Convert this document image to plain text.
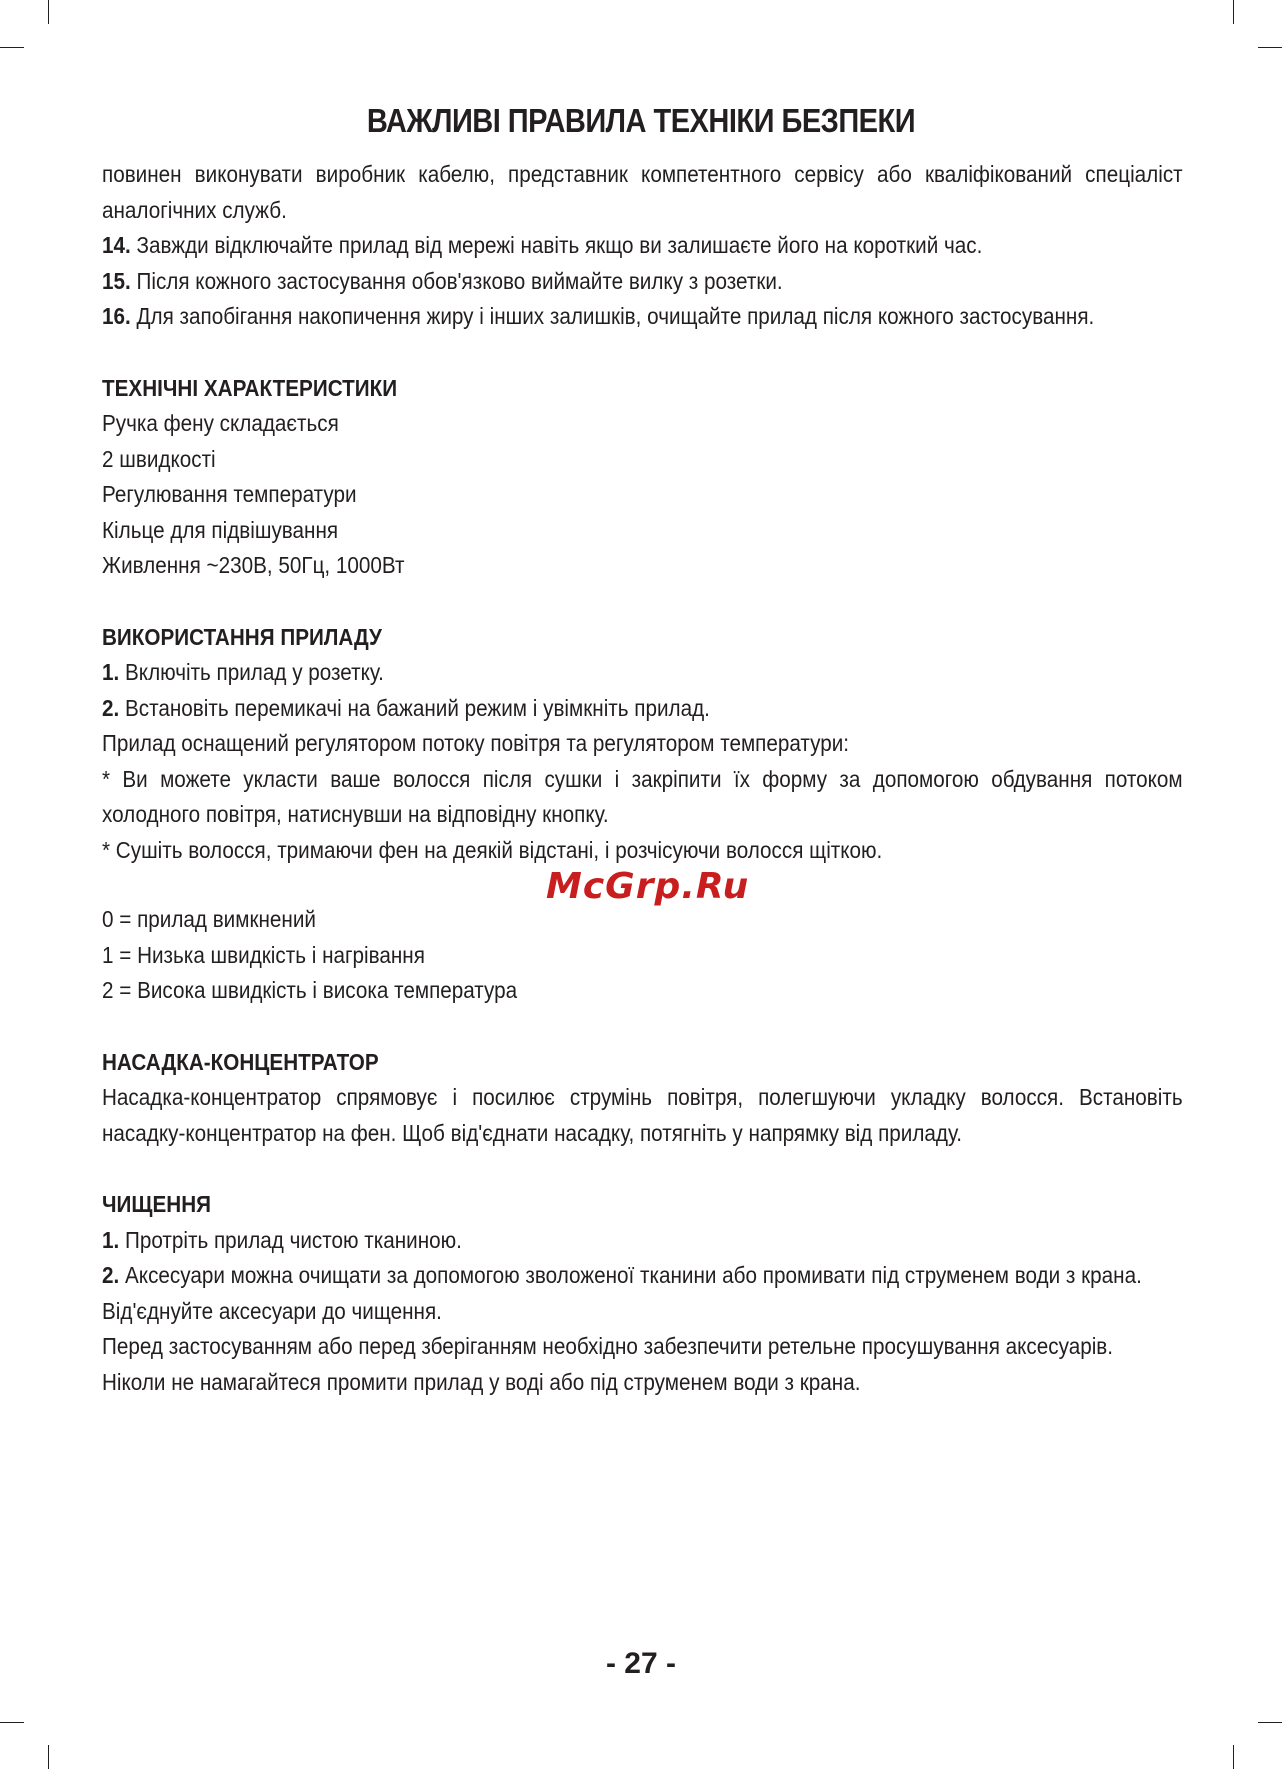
ВАЖЛИВІ ПРАВИЛА ТЕХНІКИ БЕЗПЕКИ

повинен виконувати виробник кабелю, представник компетентного сервісу або кваліфікований спеціаліст аналогічних служб.

14. Завжди відключайте прилад від мережі навіть якщо ви залишаєте його на короткий час.

15. Після кожного застосування обов'язково виймайте вилку з розетки.

16. Для запобігання накопичення жиру і інших залишків, очищайте прилад після кожного застосування.

ТЕХНІЧНІ ХАРАКТЕРИСТИКИ

Ручка фену складається

2 швидкості

Регулювання температури

Кільце для підвішування

Живлення ~230В, 50Гц, 1000Вт

ВИКОРИСТАННЯ ПРИЛАДУ

1. Включіть прилад у розетку.

2. Встановіть перемикачі на бажаний режим і увімкніть прилад.

Прилад оснащений регулятором потоку повітря та регулятором температури:

* Ви можете укласти ваше волосся після сушки і закріпити їх форму за допомогою обдування потоком холодного повітря, натиснувши на відповідну кнопку.

* Сушіть волосся, тримаючи фен на деякій відстані, і розчісуючи волосся щіткою.

0 = прилад вимкнений

1 = Низька швидкість і нагрівання

2 = Висока швидкість і висока температура

НАСАДКА-КОНЦЕНТРАТОР

Насадка-концентратор спрямовує і посилює струмінь повітря, полегшуючи укладку волосся. Встановіть насадку-концентратор на фен. Щоб від'єднати насадку, потягніть у напрямку від приладу.

ЧИЩЕННЯ

1. Протріть прилад чистою тканиною.

2. Аксесуари можна очищати за допомогою зволоженої тканини або промивати під струменем води з крана.

Від'єднуйте аксесуари до чищення.

Перед застосуванням або перед зберіганням необхідно забезпечити ретельне просушування аксесуарів.

Ніколи не намагайтеся промити прилад у воді або під струменем води з крана.

McGrp.Ru
- 27 -
